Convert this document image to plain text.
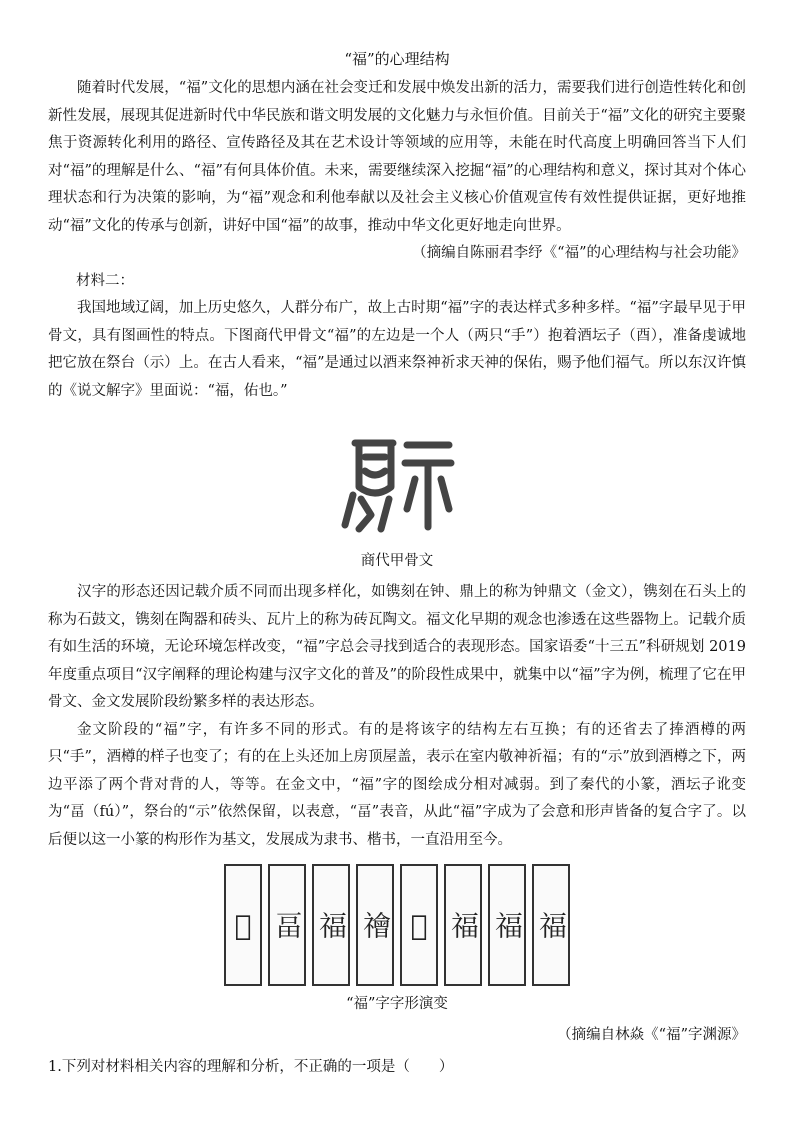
“福”的心理结构

随着时代发展，“福”文化的思想内涵在社会变迁和发展中焕发出新的活力，需要我们进行创造性转化和创新性发展，展现其促进新时代中华民族和谐文明发展的文化魅力与永恒价值。目前关于“福”文化的研究主要聚焦于资源转化利用的路径、宣传路径及其在艺术设计等领域的应用等，未能在时代高度上明确回答当下人们对“福”的理解是什么、“福”有何具体价值。未来，需要继续深入挖掘“福”的心理结构和意义，探讨其对个体心理状态和行为决策的影响，为“福”观念和利他奉献以及社会主义核心价值观宣传有效性提供证据，更好地推动“福”文化的传承与创新，讲好中国“福”的故事，推动中华文化更好地走向世界。

（摘编自陈丽君李纾《“福”的心理结构与社会功能》
材料二：

我国地域辽阔，加上历史悠久，人群分布广，故上古时期“福”字的表达样式多种多样。“福”字最早见于甲骨文，具有图画性的特点。下图商代甲骨文“福”的左边是一个人（两只“手”）抱着酒坛子（酉），准备虔诚地把它放在祭台（示）上。在古人看来，“福”是通过以酒来祭神祈求天神的保佑，赐予他们福气。所以东汉许慎的《说文解字》里面说：“福，佑也。”

商代甲骨文

汉字的形态还因记载介质不同而出现多样化，如镌刻在钟、鼎上的称为钟鼎文（金文），镌刻在石头上的称为石鼓文，镌刻在陶器和砖头、瓦片上的称为砖瓦陶文。福文化早期的观念也渗透在这些器物上。记载介质有如生活的环境，无论环境怎样改变，“福”字总会寻找到适合的表现形态。国家语委“十三五”科研规划 2019 年度重点项目“汉字阐释的理论构建与汉字文化的普及”的阶段性成果中，就集中以“福”字为例，梳理了它在甲骨文、金文发展阶段纷繁多样的表达形态。

金文阶段的“福”字，有许多不同的形式。有的是将该字的结构左右互换；有的还省去了捧酒樽的两只“手”，酒樽的样子也变了；有的在上头还加上房顶屋盖，表示在室内敬神祈福；有的“示”放到酒樽之下，两边平添了两个背对背的人，等等。在金文中，“福”字的图绘成分相对减弱。到了秦代的小篆，酒坛子讹变为“畐（fú）”，祭台的“示”依然保留，以表意，“畐”表音，从此“福”字成为了会意和形声皆备的复合字了。以后便以这一小篆的构形作为基文，发展成为隶书、楷书，一直沿用至今。

𥛁 畐 福 禬 𥛒 福 福 福
“福”字字形演变
（摘编自林焱《“福”字渊源》
1.下列对材料相关内容的理解和分析，不正确的一项是（　　）
